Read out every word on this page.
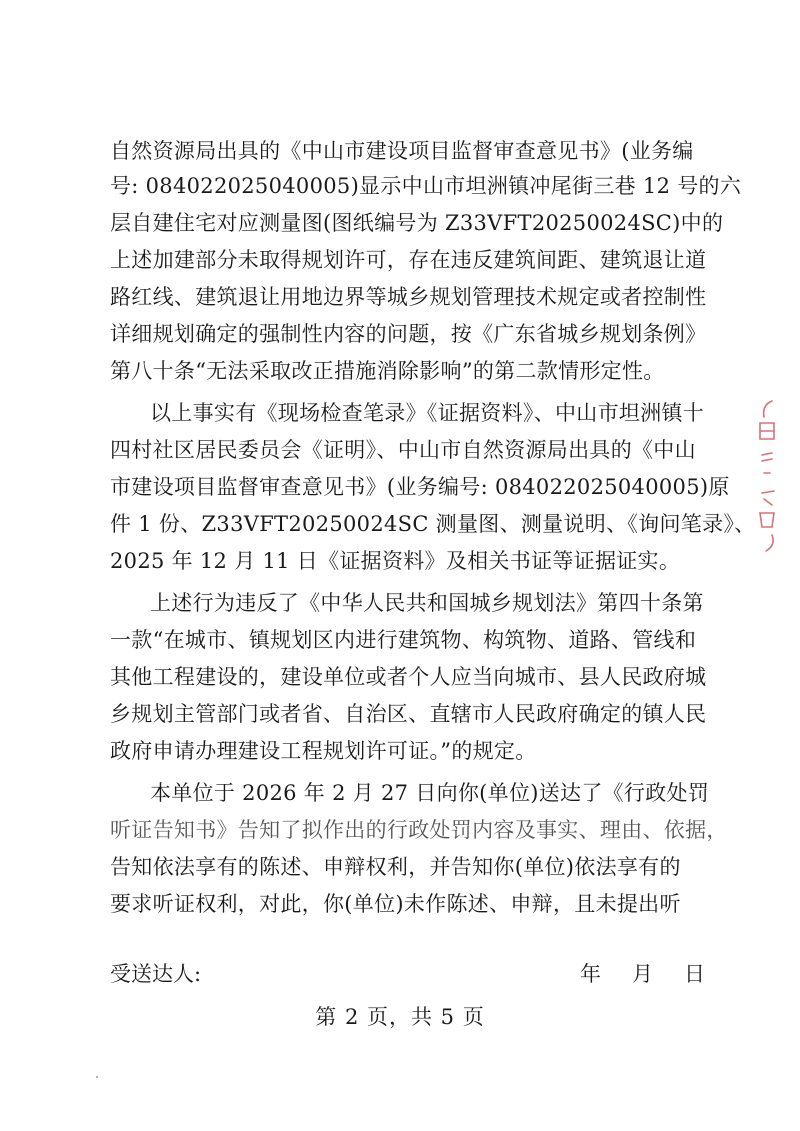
自然资源局出具的《中山市建设项目监督审查意见书》(业务编
号: 084022025040005)显示中山市坦洲镇冲尾街三巷 12 号的六
层自建住宅对应测量图(图纸编号为 Z33VFT20250024SC)中的
上述加建部分未取得规划许可，存在违反建筑间距、建筑退让道
路红线、建筑退让用地边界等城乡规划管理技术规定或者控制性
详细规划确定的强制性内容的问题，按《广东省城乡规划条例》
第八十条“无法采取改正措施消除影响”的第二款情形定性。
以上事实有《现场检查笔录》《证据资料》、中山市坦洲镇十
四村社区居民委员会《证明》、中山市自然资源局出具的《中山
市建设项目监督审查意见书》(业务编号: 084022025040005)原
件 1 份、Z33VFT20250024SC 测量图、测量说明、《询问笔录》、
2025 年 12 月 11 日《证据资料》及相关书证等证据证实。
上述行为违反了《中华人民共和国城乡规划法》第四十条第
一款“在城市、镇规划区内进行建筑物、构筑物、道路、管线和
其他工程建设的，建设单位或者个人应当向城市、县人民政府城
乡规划主管部门或者省、自治区、直辖市人民政府确定的镇人民
政府申请办理建设工程规划许可证。”的规定。
本单位于 2026 年 2 月 27 日向你(单位)送达了《行政处罚
听证告知书》告知了拟作出的行政处罚内容及事实、理由、依据，
告知依法享有的陈述、申辩权利，并告知你(单位)依法享有的
要求听证权利，对此，你(单位)未作陈述、申辩，且未提出听
受送达人:	年 月 日
第 2 页，共 5 页
